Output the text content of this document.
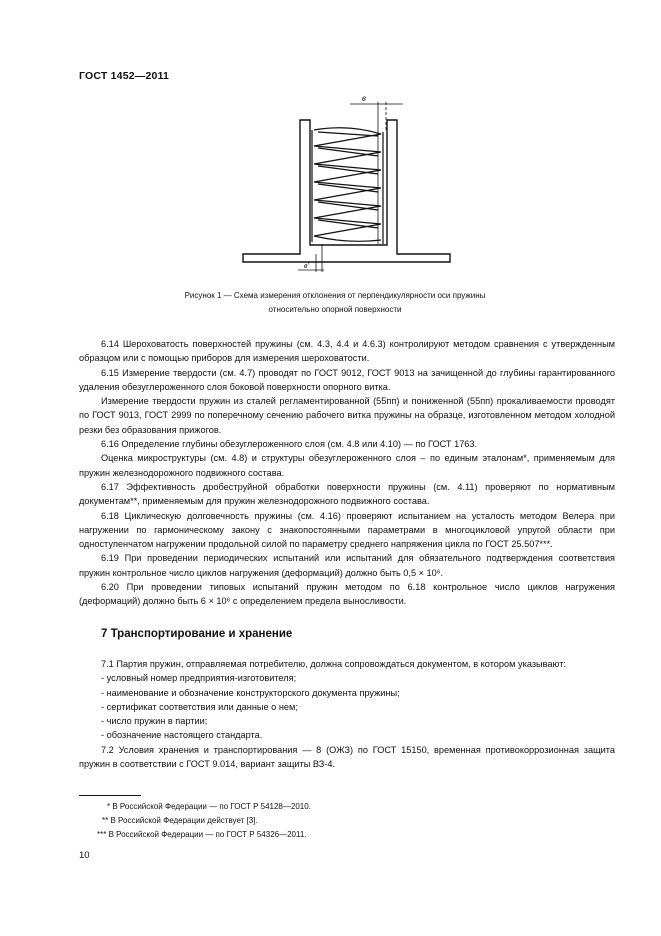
ГОСТ 1452—2011
в
в'
Рисунок 1 — Схема измерения отклонения от перпендикулярности оси пружины
относительно опорной поверхности

6.14 Шероховатость поверхностей пружины (см. 4.3, 4.4 и 4.6.3) контролируют методом сравнения с утвержденным образцом или с помощью приборов для измерения шероховатости.

6.15 Измерение твердости (см. 4.7) проводят по ГОСТ 9012, ГОСТ 9013 на зачищенной до глубины гарантированного удаления обезуглероженного слоя боковой поверхности опорного витка.

Измерение твердости пружин из сталей регламентированной (55пп) и пониженной (55пп) прокаливаемости проводят по ГОСТ 9013, ГОСТ 2999 по поперечному сечению рабочего витка пружины на образце, изготовленном методом холодной резки без образования прижогов.

6.16 Определение глубины обезуглероженного слоя (см. 4.8 или 4.10) — по ГОСТ 1763.

Оценка микроструктуры (см. 4.8) и структуры обезуглероженного слоя – по единым эталонам*, применяемым для пружин железнодорожного подвижного состава.

6.17 Эффективность дробеструйной обработки поверхности пружины (см. 4.11) проверяют по нормативным документам**, применяемым для пружин железнодорожного подвижного состава.

6.18 Циклическую долговечность пружины (см. 4.16) проверяют испытанием на усталость методом Велера при нагружении по гармоническому закону с знакопостоянными параметрами в многоцикловой упругой области при одноступенчатом нагружении продольной силой по параметру среднего напряжения цикла по ГОСТ 25.507***.

6.19 При проведении периодических испытаний или испытаний для обязательного подтверждения соответствия пружин контрольное число циклов нагружения (деформаций) должно быть 0,5 × 10⁶.

6.20 При проведении типовых испытаний пружин методом по 6.18 контрольное число циклов нагружения (деформаций) должно быть 6 × 10⁶ с определением предела выносливости.

7 Транспортирование и хранение

7.1 Партия пружин, отправляемая потребителю, должна сопровождаться документом, в котором указывают:

- условный номер предприятия-изготовителя;

- наименование и обозначение конструкторского документа пружины;

- сертификат соответствия или данные о нем;

- число пружин в партии;

- обозначение настоящего стандарта.

7.2 Условия хранения и транспортирования — 8 (ОЖЗ) по ГОСТ 15150, временная противокоррозионная защита пружин в соответствии с ГОСТ 9.014, вариант защиты ВЗ-4.

* В Российской Федерации — по ГОСТ Р 54128—2010.
** В Российской Федерации действует [3].
*** В Российской Федерации — по ГОСТ Р 54326—2011.
10
